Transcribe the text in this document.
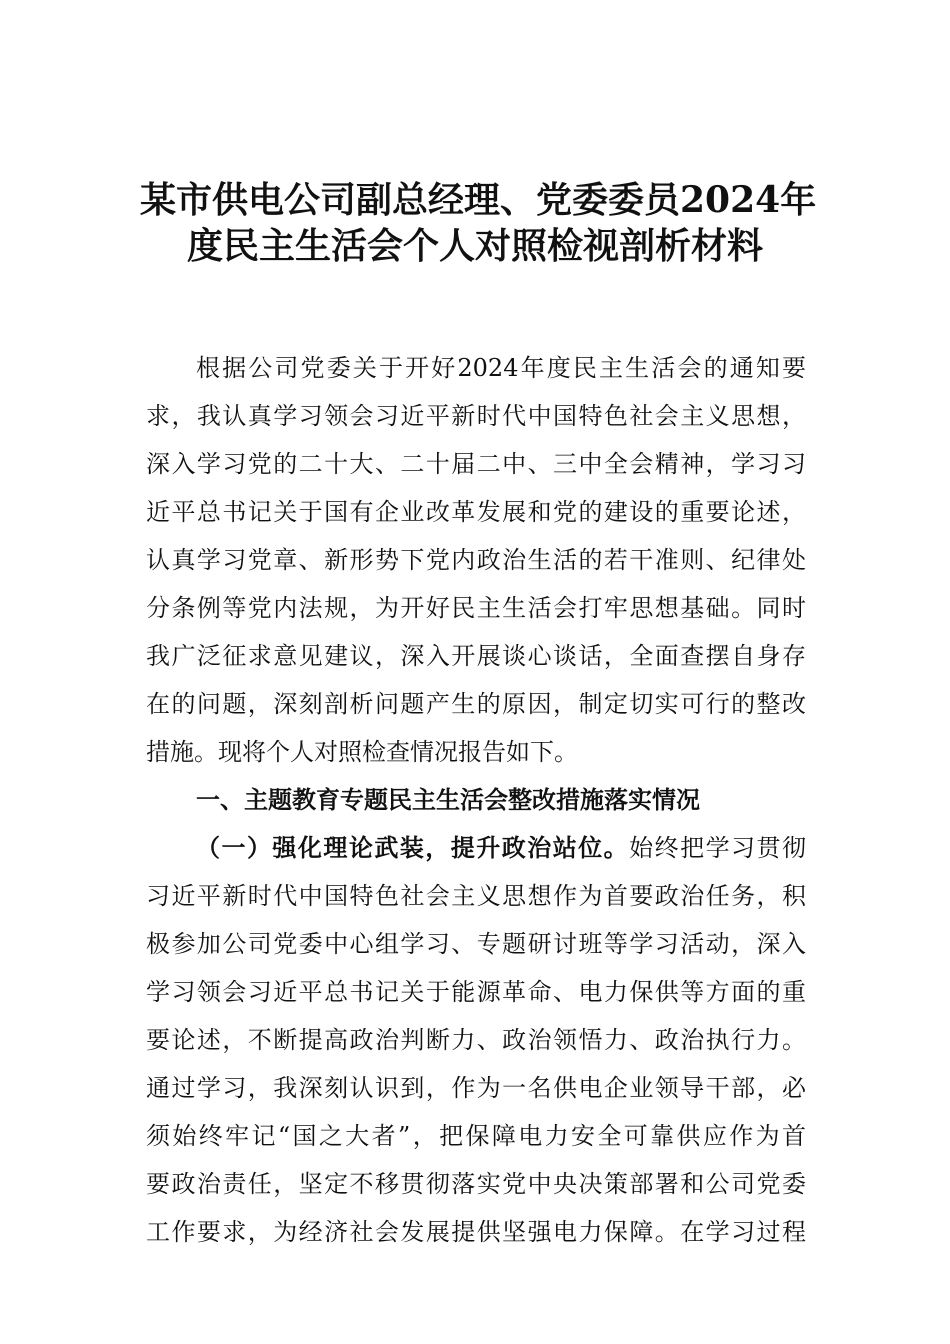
某市供电公司副总经理、党委委员2024年
度民主生活会个人对照检视剖析材料
根据公司党委关于开好2024年度民主生活会的通知要
求，我认真学习领会习近平新时代中国特色社会主义思想，
深入学习党的二十大、二十届二中、三中全会精神，学习习
近平总书记关于国有企业改革发展和党的建设的重要论述，
认真学习党章、新形势下党内政治生活的若干准则、纪律处
分条例等党内法规，为开好民主生活会打牢思想基础。同时
我广泛征求意见建议，深入开展谈心谈话，全面查摆自身存
在的问题，深刻剖析问题产生的原因，制定切实可行的整改
措施。现将个人对照检查情况报告如下。
一、主题教育专题民主生活会整改措施落实情况
（一）强化理论武装，提升政治站位。始终把学习贯彻
习近平新时代中国特色社会主义思想作为首要政治任务，积
极参加公司党委中心组学习、专题研讨班等学习活动，深入
学习领会习近平总书记关于能源革命、电力保供等方面的重
要论述，不断提高政治判断力、政治领悟力、政治执行力。
通过学习，我深刻认识到，作为一名供电企业领导干部，必
须始终牢记“国之大者”，把保障电力安全可靠供应作为首
要政治责任，坚定不移贯彻落实党中央决策部署和公司党委
工作要求，为经济社会发展提供坚强电力保障。在学习过程
